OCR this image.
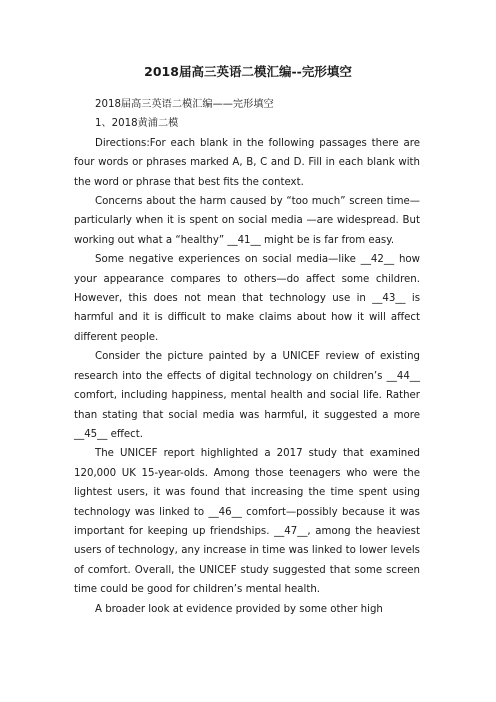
2018届高三英语二模汇编--完形填空

2018届高三英语二模汇编——完形填空

1、2018黄浦二模

Directions:For each blank in the following passages there are four words or phrases marked A, B, C and D. Fill in each blank with the word or phrase that best fits the context.

Concerns about the harm caused by “too much” screen time—particularly when it is spent on social media —are widespread. But working out what a “healthy” __41__ might be is far from easy.

Some negative experiences on social media—like __42__ how your appearance compares to others—do affect some children. However, this does not mean that technology use in __43__ is harmful and it is difficult to make claims about how it will affect different people.

Consider the picture painted by a UNICEF review of existing research into the effects of digital technology on children’s __44__ comfort, including happiness, mental health and social life. Rather than stating that social media was harmful, it suggested a more __45__ effect.

The UNICEF report highlighted a 2017 study that examined 120,000 UK 15-year-olds. Among those teenagers who were the lightest users, it was found that increasing the time spent using technology was linked to __46__ comfort—possibly because it was important for keeping up friendships. __47__, among the heaviest users of technology, any increase in time was linked to lower levels of comfort. Overall, the UNICEF study suggested that some screen time could be good for children’s mental health.

A broader look at evidence provided by some other high
